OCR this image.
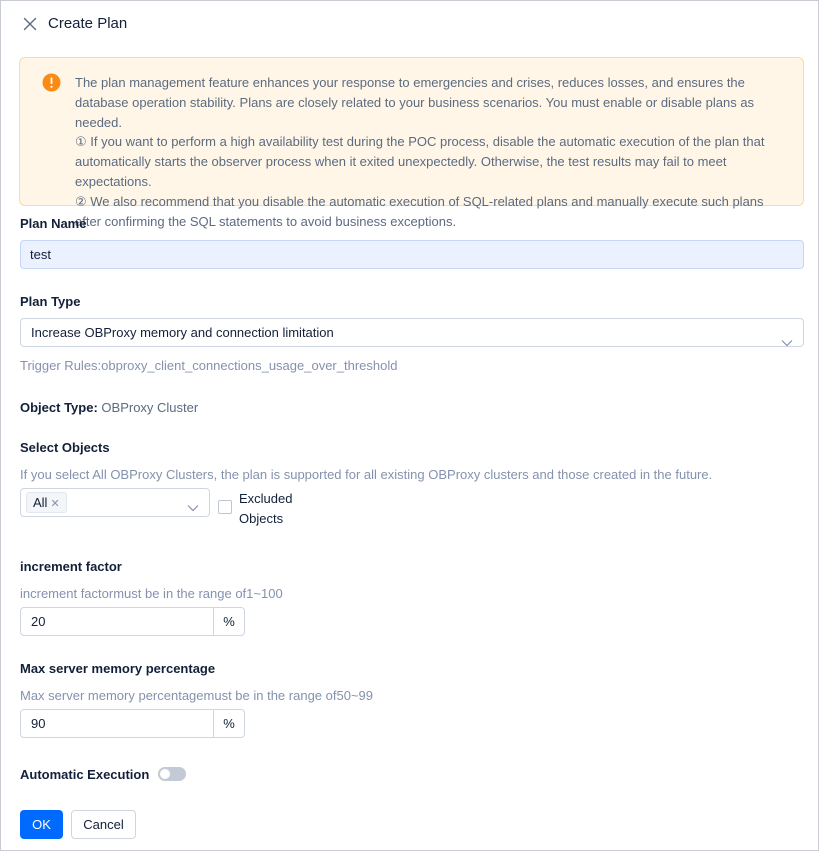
Create Plan

The plan management feature enhances your response to emergencies and crises, reduces losses, and ensures the database operation stability. Plans are closely related to your business scenarios. You must enable or disable plans as needed.

① If you want to perform a high availability test during the POC process, disable the automatic execution of the plan that automatically starts the observer process when it exited unexpectedly. Otherwise, the test results may fail to meet expectations.

② We also recommend that you disable the automatic execution of SQL-related plans and manually execute such plans after confirming the SQL statements to avoid business exceptions.

Plan Name
test
Plan Type
Increase OBProxy memory and connection limitation
Trigger Rules:obproxy_client_connections_usage_over_threshold
Object Type: OBProxy Cluster
Select Objects
If you select All OBProxy Clusters, the plan is supported for all existing OBProxy clusters and those created in the future.
All ✕	Excluded Objects
increment factor
increment factormust be in the range of1~100
20	%
Max server memory percentage
Max server memory percentagemust be in the range of50~99
90	%
Automatic Execution
OK	Cancel
